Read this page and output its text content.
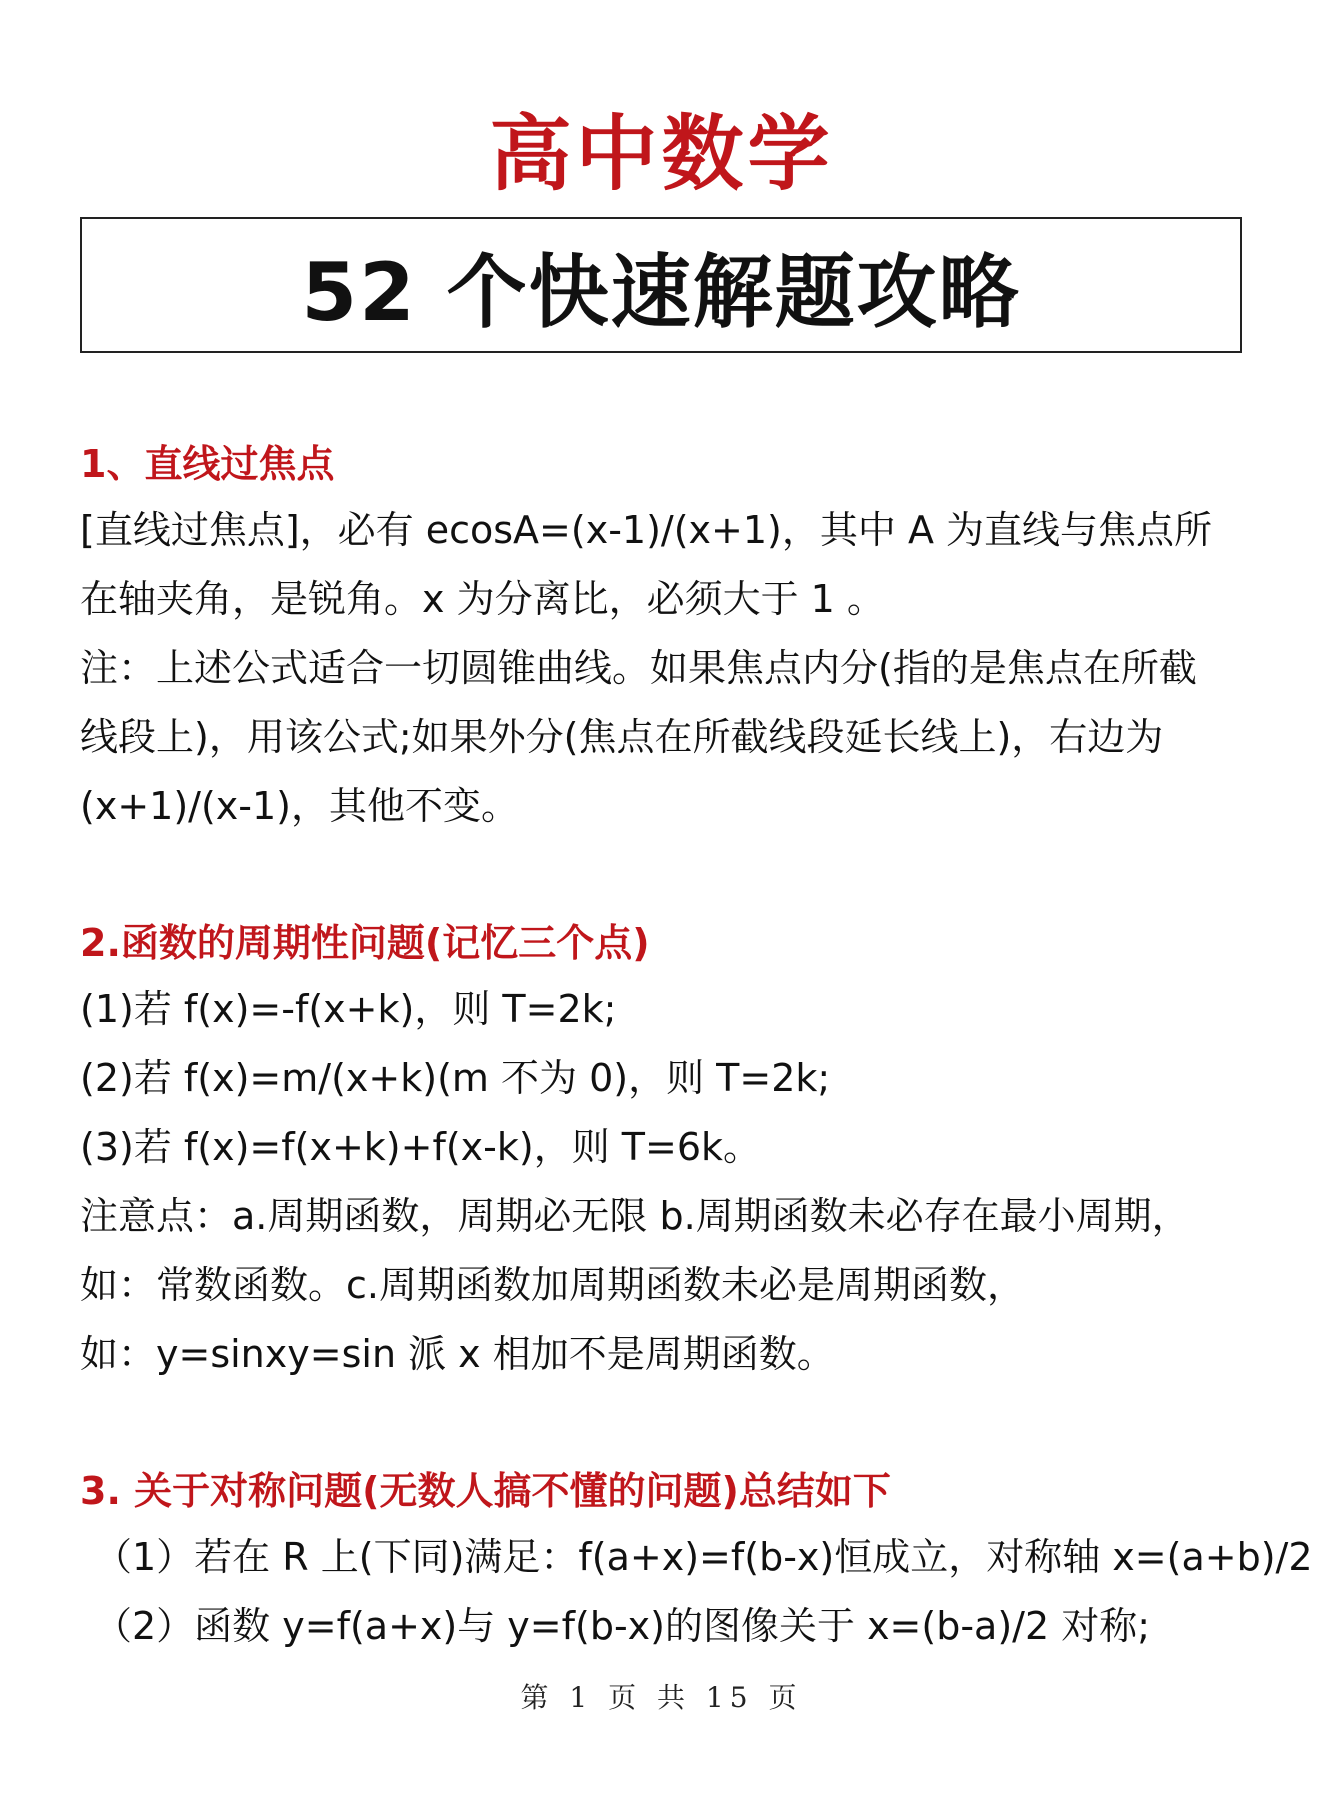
高中数学
52 个快速解题攻略
1、直线过焦点
[直线过焦点]，必有 ecosA=(x-1)/(x+1)，其中 A 为直线与焦点所
在轴夹角，是锐角。x 为分离比，必须大于 1 。
注：上述公式适合一切圆锥曲线。如果焦点内分(指的是焦点在所截
线段上)，用该公式;如果外分(焦点在所截线段延长线上)，右边为
(x+1)/(x-1)，其他不变。
2.函数的周期性问题(记忆三个点)
(1)若 f(x)=-f(x+k)，则 T=2k;
(2)若 f(x)=m/(x+k)(m 不为 0)，则 T=2k;
(3)若 f(x)=f(x+k)+f(x-k)，则 T=6k。
注意点：a.周期函数，周期必无限 b.周期函数未必存在最小周期，
如：常数函数。c.周期函数加周期函数未必是周期函数，
如：y=sinxy=sin 派 x 相加不是周期函数。
3. 关于对称问题(无数人搞不懂的问题)总结如下
（1）若在 R 上(下同)满足：f(a+x)=f(b-x)恒成立，对称轴 x=(a+b)/2
（2）函数 y=f(a+x)与 y=f(b-x)的图像关于 x=(b-a)/2 对称;
第 1 页 共 15 页
